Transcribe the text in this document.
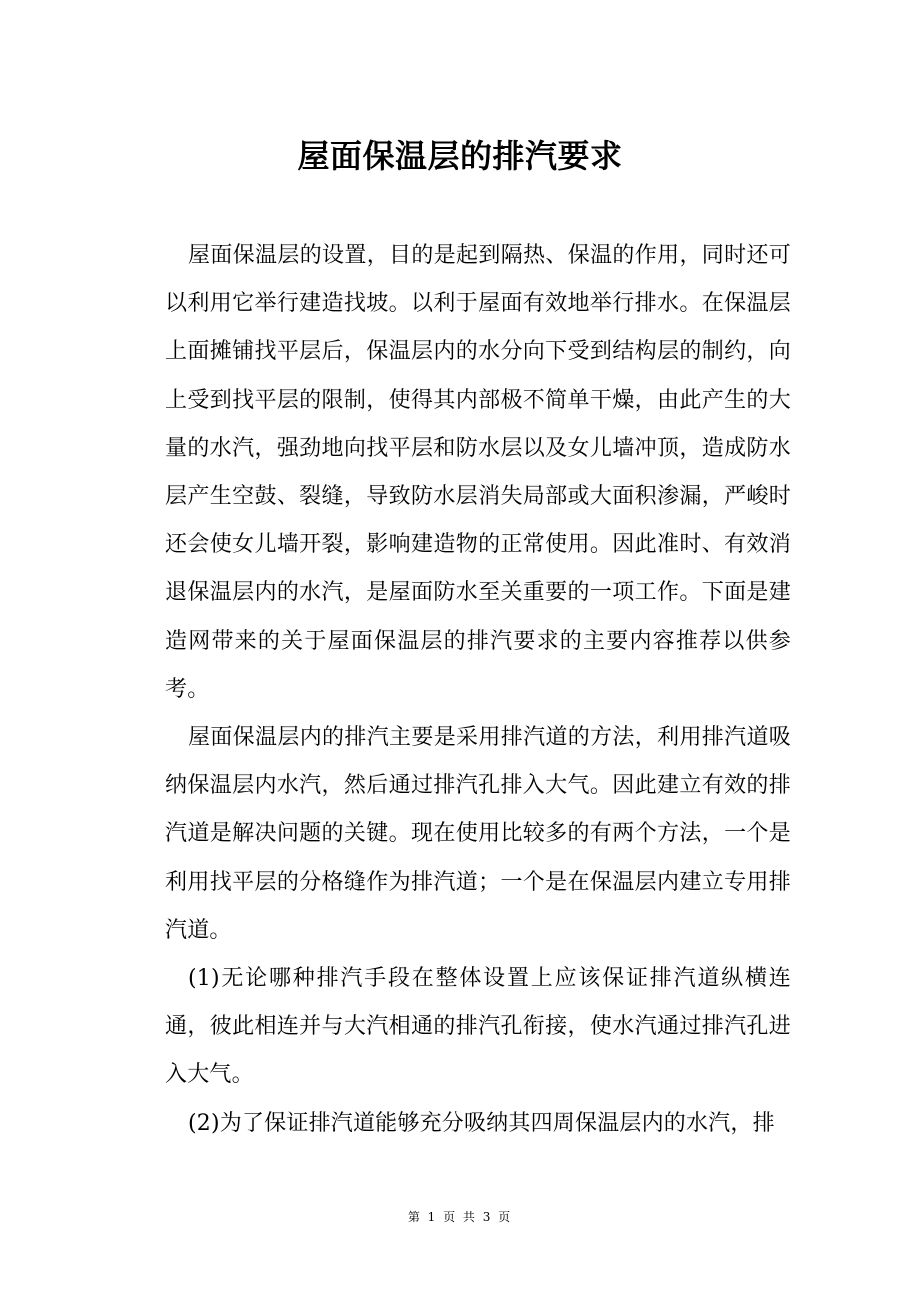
屋面保温层的排汽要求

屋面保温层的设置，目的是起到隔热、保温的作用，同时还可以利用它举行建造找坡。以利于屋面有效地举行排水。在保温层上面摊铺找平层后，保温层内的水分向下受到结构层的制约，向上受到找平层的限制，使得其内部极不简单干燥，由此产生的大量的水汽，强劲地向找平层和防水层以及女儿墙冲顶，造成防水层产生空鼓、裂缝，导致防水层消失局部或大面积渗漏，严峻时还会使女儿墙开裂，影响建造物的正常使用。因此准时、有效消退保温层内的水汽，是屋面防水至关重要的一项工作。下面是建造网带来的关于屋面保温层的排汽要求的主要内容推荐以供参考。

屋面保温层内的排汽主要是采用排汽道的方法，利用排汽道吸纳保温层内水汽，然后通过排汽孔排入大气。因此建立有效的排汽道是解决问题的关键。现在使用比较多的有两个方法，一个是利用找平层的分格缝作为排汽道；一个是在保温层内建立专用排汽道。

(1)无论哪种排汽手段在整体设置上应该保证排汽道纵横连通，彼此相连并与大汽相通的排汽孔衔接，使水汽通过排汽孔进入大气。

(2)为了保证排汽道能够充分吸纳其四周保温层内的水汽，排

第 1 页 共 3 页
